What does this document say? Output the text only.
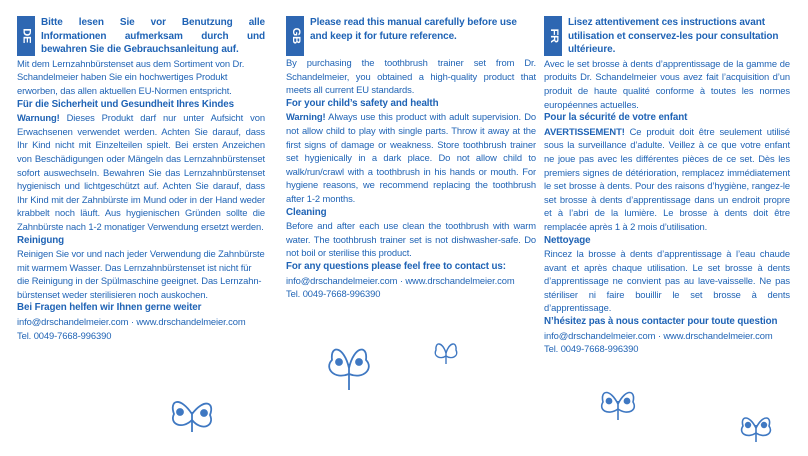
DE

Bitte lesen Sie vor Benutzung alle Informationen aufmerksam durch und bewahren Sie die Gebrauchsanleitung auf.

Mit dem Lernzahnbürstenset aus dem Sortiment von Dr. Schandelmeier haben Sie ein hochwertiges Produkt erworben, das allen aktuellen EU-Normen entspricht.

Für die Sicherheit und Gesundheit Ihres Kindes

Warnung! Dieses Produkt darf nur unter Aufsicht von Erwachsenen verwendet werden. Achten Sie darauf, dass Ihr Kind nicht mit Einzelteilen spielt. Bei ersten Anzeichen von Beschädigungen oder Mängeln das Lernzahnbürstenset sofort auswechseln. Bewahren Sie das Lernzahnbürstenset hygienisch und lichtgeschützt auf. Achten Sie darauf, dass Ihr Kind mit der Zahnbürste im Mund oder in der Hand weder krabbelt noch läuft. Aus hygienischen Gründen sollte die Zahnbürste nach 1-2 monatiger Verwendung ersetzt werden.

Reinigung

Reinigen Sie vor und nach jeder Verwendung die Zahnbürste mit warmem Wasser. Das Lernzahnbürstenset ist nicht für die Reinigung in der Spülmaschine geeignet. Das Lernzahn-bürstenset weder sterilisieren noch auskochen.

Bei Fragen helfen wir Ihnen gerne weiter

info@drschandelmeier.com · www.drschandelmeier.com

Tel. 0049-7668-996390

GB

Please read this manual carefully before use and keep it for future reference.

By purchasing the toothbrush trainer set from Dr. Schandelmeier, you obtained a high-quality product that meets all current EU standards.

For your child’s safety and health

Warning! Always use this product with adult supervision. Do not allow child to play with single parts. Throw it away at the first signs of damage or weakness. Store toothbrush trainer set hygienically in a dark place. Do not allow child to walk/run/crawl with a toothbrush in his hands or mouth. For hygiene reasons, we recommend replacing the toothbrush after 1-2 months.

Cleaning

Before and after each use clean the toothbrush with warm water. The toothbrush trainer set is not dishwasher-safe. Do not boil or sterilise this product.

For any questions please feel free to contact us:

info@drschandelmeier.com · www.drschandelmeier.com

Tel. 0049-7668-996390

FR

Lisez attentivement ces instructions avant utilisation et conservez-les pour consultation ultérieure.

Avec le set brosse à dents d’apprentissage de la gamme de produits Dr. Schandelmeier vous avez fait l’acquisition d’un produit de haute qualité conforme à toutes les normes européennes actuelles.

Pour la sécurité de votre enfant

AVERTISSEMENT! Ce produit doit être seulement utilisé sous la surveillance d’adulte. Veillez à ce que votre enfant ne joue pas avec les différentes pièces de ce set. Dès les premiers signes de détérioration, remplacez immédiatement le set brosse à dents. Pour des raisons d’hygiène, rangez-le set brosse à dents d’apprentissage dans un endroit propre et à l’abri de la lumière. Le brosse à dents doit être remplacée après 1 à 2 mois d’utilisation.

Nettoyage

Rincez la brosse à dents d’apprentissage à l’eau chaude avant et après chaque utilisation. Le set brosse à dents d’apprentissage ne convient pas au lave-vaisselle. Ne pas stériliser ni faire bouillir le set brosse à dents d’apprentissage.

N’hésitez pas à nous contacter pour toute question

info@drschandelmeier.com · www.drschandelmeier.com

Tel. 0049-7668-996390
